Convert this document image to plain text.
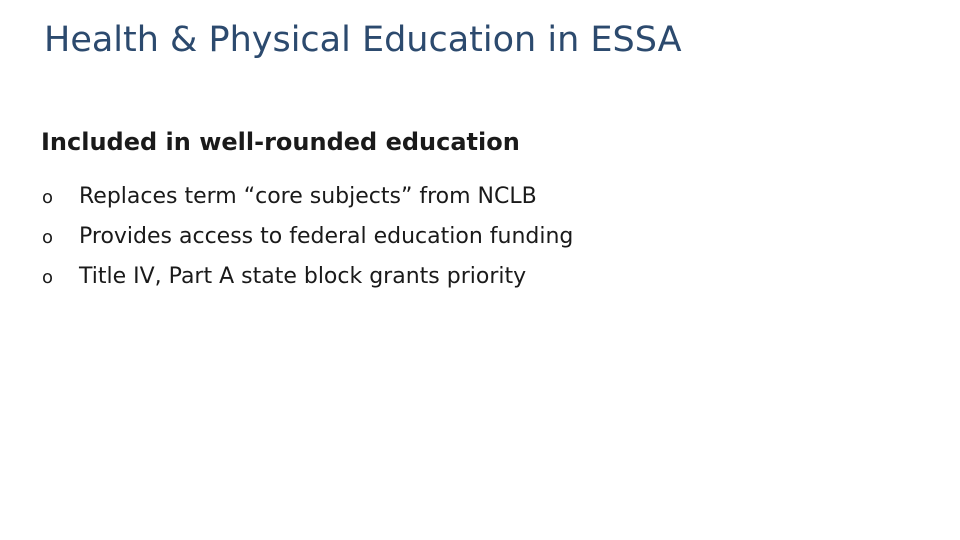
Health & Physical Education in ESSA
Included in well-rounded education
o	Replaces term “core subjects” from NCLB
o	Provides access to federal education funding
o	Title IV, Part A state block grants priority
